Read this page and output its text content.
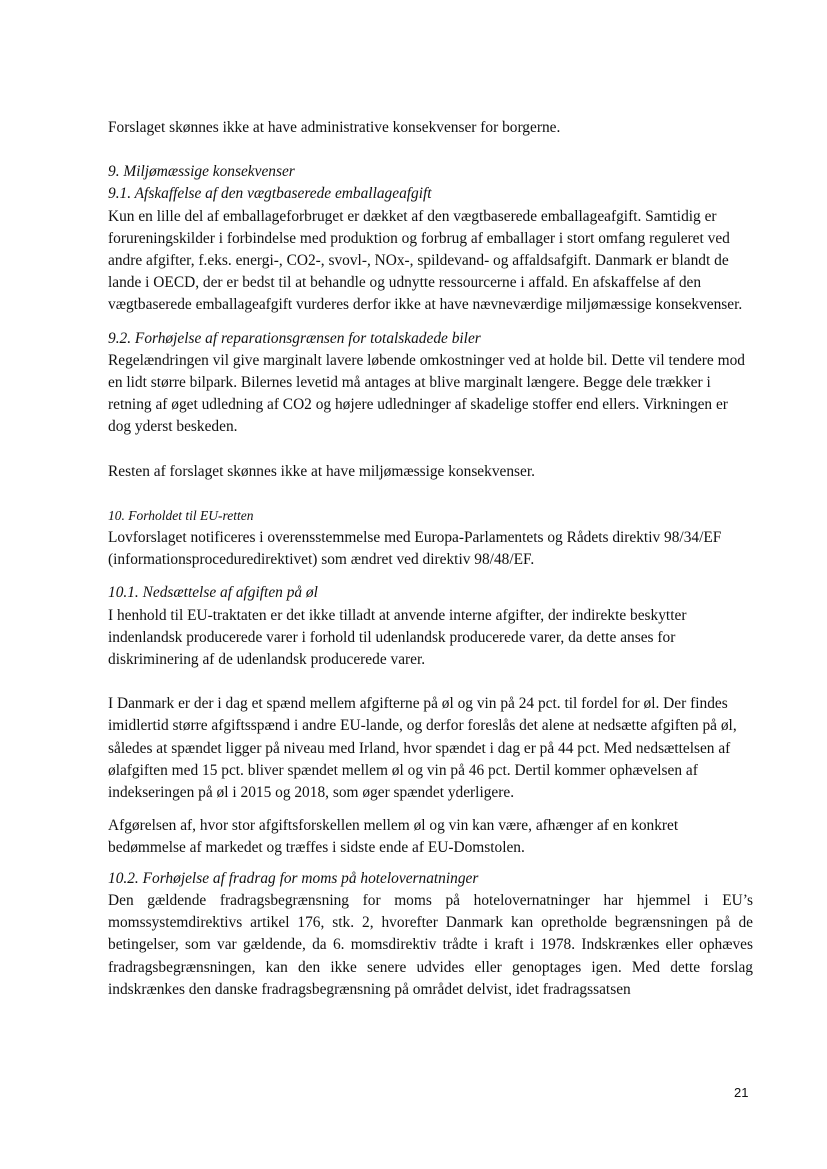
Forslaget skønnes ikke at have administrative konsekvenser for borgerne.

9. Miljømæssige konsekvenser

9.1. Afskaffelse af den vægtbaserede emballageafgift

Kun en lille del af emballageforbruget er dækket af den vægtbaserede emballageafgift. Samtidig er forureningskilder i forbindelse med produktion og forbrug af emballager i stort omfang reguleret ved andre afgifter, f.eks. energi-, CO2-, svovl-, NOx-, spildevand- og affaldsafgift. Danmark er blandt de lande i OECD, der er bedst til at behandle og udnytte ressourcerne i affald. En afskaffelse af den vægtbaserede emballageafgift vurderes derfor ikke at have nævneværdige miljømæssige konsekvenser.

9.2. Forhøjelse af reparationsgrænsen for totalskadede biler

Regelændringen vil give marginalt lavere løbende omkostninger ved at holde bil. Dette vil tendere mod en lidt større bilpark. Bilernes levetid må antages at blive marginalt længere. Begge dele trækker i retning af øget udledning af CO2 og højere udledninger af skadelige stoffer end ellers. Virkningen er dog yderst beskeden.

Resten af forslaget skønnes ikke at have miljømæssige konsekvenser.

10. Forholdet til EU-retten

Lovforslaget notificeres i overensstemmelse med Europa-Parlamentets og Rådets direktiv 98/34/EF (informationsproceduredirektivet) som ændret ved direktiv 98/48/EF.

10.1. Nedsættelse af afgiften på øl

I henhold til EU-traktaten er det ikke tilladt at anvende interne afgifter, der indirekte beskytter indenlandsk producerede varer i forhold til udenlandsk producerede varer, da dette anses for diskriminering af de udenlandsk producerede varer.

I Danmark er der i dag et spænd mellem afgifterne på øl og vin på 24 pct. til fordel for øl. Der findes imidlertid større afgiftsspænd i andre EU-lande, og derfor foreslås det alene at nedsætte afgiften på øl, således at spændet ligger på niveau med Irland, hvor spændet i dag er på 44 pct. Med nedsættelsen af ølafgiften med 15 pct. bliver spændet mellem øl og vin på 46 pct. Dertil kommer ophævelsen af indekseringen på øl i 2015 og 2018, som øger spændet yderligere.

Afgørelsen af, hvor stor afgiftsforskellen mellem øl og vin kan være, afhænger af en konkret bedømmelse af markedet og træffes i sidste ende af EU-Domstolen.

10.2. Forhøjelse af fradrag for moms på hotelovernatninger

Den gældende fradragsbegrænsning for moms på hotelovernatninger har hjemmel i EU’s momssystemdirektivs artikel 176, stk. 2, hvorefter Danmark kan opretholde begrænsningen på de betingelser, som var gældende, da 6. momsdirektiv trådte i kraft i 1978. Indskrænkes eller ophæves fradragsbegrænsningen, kan den ikke senere udvides eller genoptages igen. Med dette forslag indskrænkes den danske fradragsbegrænsning på området delvist, idet fradragssatsen

21
